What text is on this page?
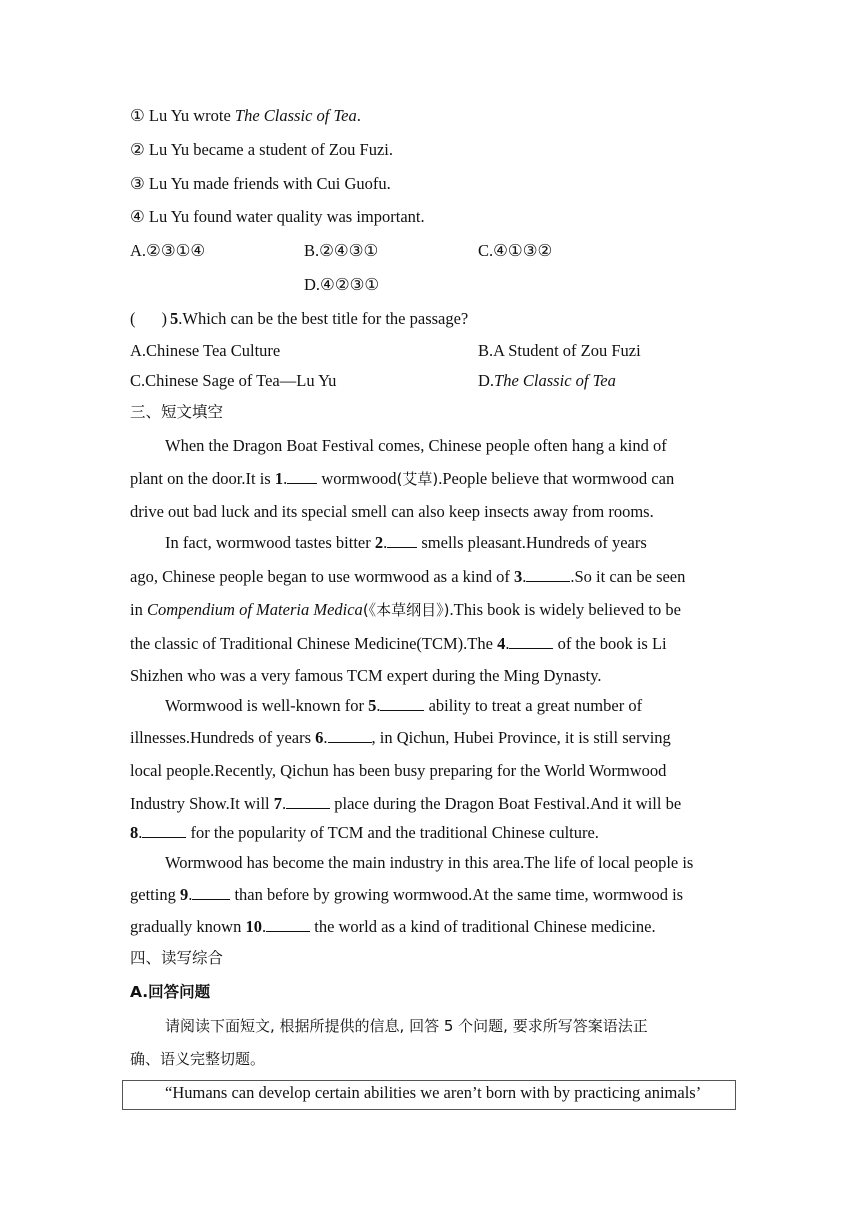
① Lu Yu wrote The Classic of Tea.
② Lu Yu became a student of Zou Fuzi.
③ Lu Yu made friends with Cui Guofu.
④ Lu Yu found water quality was important.
A.②③①④	B.②④③①	C.④①③②
D.④②③①
( ) 5.Which can be the best title for the passage?
A.Chinese Tea Culture	B.A Student of Zou Fuzi
C.Chinese Sage of Tea—Lu Yu	D.The Classic of Tea
三、短文填空
When the Dragon Boat Festival comes, Chinese people often hang a kind of
plant on the door.It is 1. wormwood(艾草).People believe that wormwood can
drive out bad luck and its special smell can also keep insects away from rooms.
In fact, wormwood tastes bitter 2. smells pleasant.Hundreds of years
ago, Chinese people began to use wormwood as a kind of 3.	.So it can be seen
in Compendium of Materia Medica(《本草纲目》).This book is widely believed to be
the classic of Traditional Chinese Medicine(TCM).The 4.	of the book is Li
Shizhen who was a very famous TCM expert during the Ming Dynasty.
Wormwood is well-known for 5.	ability to treat a great number of
illnesses.Hundreds of years 6.	, in Qichun, Hubei Province, it is still serving
local people.Recently, Qichun has been busy preparing for the World Wormwood
Industry Show.It will 7.	place during the Dragon Boat Festival.And it will be
8.	for the popularity of TCM and the traditional Chinese culture.
Wormwood has become the main industry in this area.The life of local people is
getting 9. than before by growing wormwood.At the same time, wormwood is
gradually known 10.	the world as a kind of traditional Chinese medicine.
四、读写综合
A.回答问题
请阅读下面短文, 根据所提供的信息, 回答 5 个问题, 要求所写答案语法正
确、语义完整切题。
“Humans can develop certain abilities we aren’t born with by practicing animals’
